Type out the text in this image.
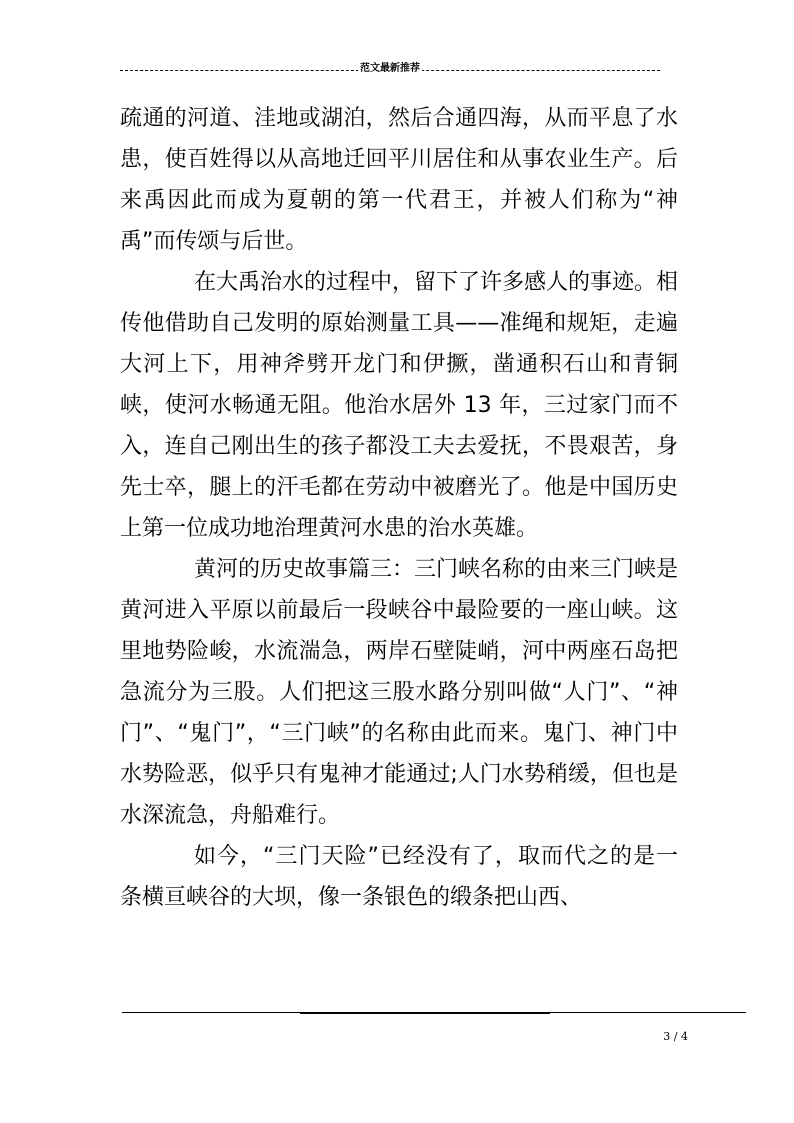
范文最新推荐

疏通的河道、洼地或湖泊，然后合通四海，从而平息了水患，使百姓得以从高地迁回平川居住和从事农业生产。后来禹因此而成为夏朝的第一代君王，并被人们称为“神禹”而传颂与后世。

在大禹治水的过程中，留下了许多感人的事迹。相传他借助自己发明的原始测量工具——准绳和规矩，走遍大河上下，用神斧劈开龙门和伊撅，凿通积石山和青铜峡，使河水畅通无阻。他治水居外 13 年，三过家门而不入，连自己刚出生的孩子都没工夫去爱抚，不畏艰苦，身先士卒，腿上的汗毛都在劳动中被磨光了。他是中国历史上第一位成功地治理黄河水患的治水英雄。

黄河的历史故事篇三：三门峡名称的由来三门峡是黄河进入平原以前最后一段峡谷中最险要的一座山峡。这里地势险峻，水流湍急，两岸石壁陡峭，河中两座石岛把急流分为三股。人们把这三股水路分别叫做“人门”、“神门”、“鬼门”，“三门峡”的名称由此而来。鬼门、神门中水势险恶，似乎只有鬼神才能通过;人门水势稍缓，但也是水深流急，舟船难行。

如今，“三门天险”已经没有了，取而代之的是一条横亘峡谷的大坝，像一条银色的缎条把山西、

3 / 4
